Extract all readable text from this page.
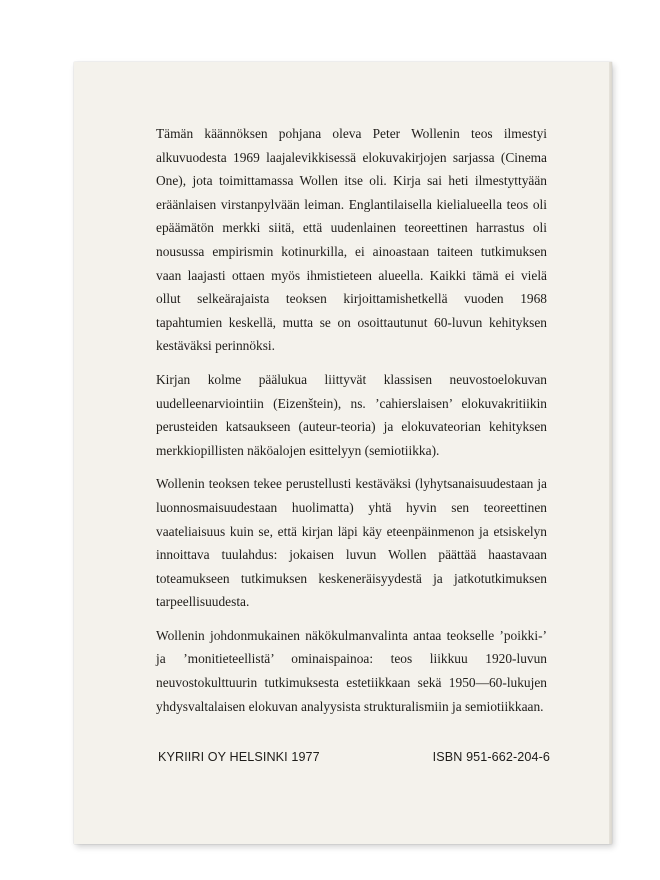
Tämän käännöksen pohjana oleva Peter Wollenin teos ilmestyi alkuvuodesta 1969 laajalevikkisessä elokuvakirjojen sarjassa (Cinema One), jota toimittamassa Wollen itse oli. Kirja sai heti ilmestyttyään eräänlaisen virstanpylvään leiman. Englantilaisella kielialueella teos oli epäämätön merkki siitä, että uudenlainen teoreettinen harrastus oli nousussa empirismin kotinurkilla, ei ainoastaan taiteen tutkimuksen vaan laajasti ottaen myös ihmistieteen alueella. Kaikki tämä ei vielä ollut selkeärajaista teoksen kirjoittamishetkellä vuoden 1968 tapahtumien keskellä, mutta se on osoittautunut 60-luvun kehityksen kestäväksi perinnöksi.

Kirjan kolme päälukua liittyvät klassisen neuvostoelokuvan uudelleenarviointiin (Eizenštein), ns. ’cahierslaisen’ elokuvakritiikin perusteiden katsaukseen (auteur-teoria) ja elokuvateorian kehityksen merkkiopillisten näköalojen esittelyyn (semiotiikka).

Wollenin teoksen tekee perustellusti kestäväksi (lyhytsanaisuudestaan ja luonnosmaisuudestaan huolimatta) yhtä hyvin sen teoreettinen vaateliaisuus kuin se, että kirjan läpi käy eteenpäinmenon ja etsiskelyn innoittava tuulahdus: jokaisen luvun Wollen päättää haastavaan toteamukseen tutkimuksen keskeneräisyydestä ja jatkotutkimuksen tarpeellisuudesta.

Wollenin johdonmukainen näkökulmanvalinta antaa teokselle ’poikki-’ ja ’monitieteellistä’ ominaispainoa: teos liikkuu 1920-luvun neuvostokulttuurin tutkimuksesta estetiikkaan sekä 1950—60-lukujen yhdysvaltalaisen elokuvan analyysista strukturalismiin ja semiotiikkaan.

KYRIIRI OY HELSINKI 1977	ISBN 951-662-204-6
